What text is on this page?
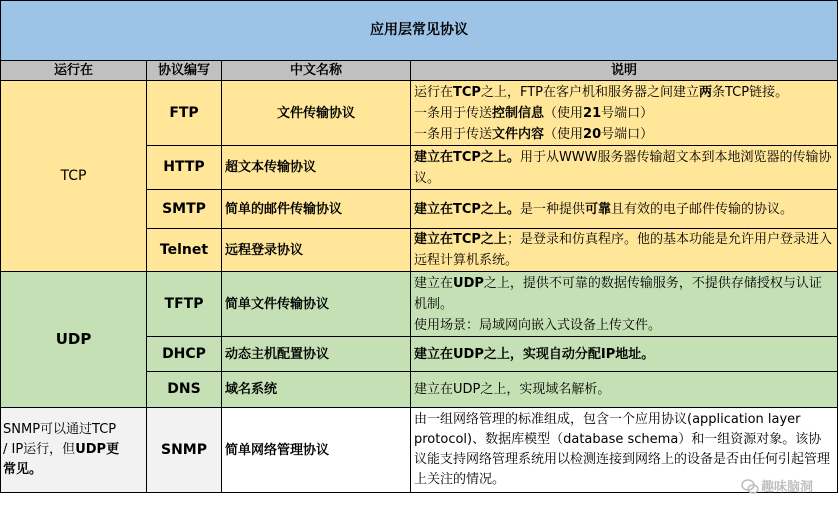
应用层常见协议			
运行在	协议编写	中文名称	说明
TCP	FTP	文件传输协议	运行在TCP之上，FTP在客户机和服务器之间建立两条TCP链接。
一条用于传送控制信息（使用21号端口）
一条用于传送文件内容（使用20号端口）

	HTTP	超文本传输协议	建立在TCP之上。用于从WWW服务器传输超文本到本地浏览器的传输协议。
	SMTP	简单的邮件传输协议	建立在TCP之上。是一种提供可靠且有效的电子邮件传输的协议。
	Telnet	远程登录协议	建立在TCP之上；是登录和仿真程序。他的基本功能是允许用户登录进入远程计算机系统。
UDP	TFTP	简单文件传输协议	建立在UDP之上，提供不可靠的数据传输服务，不提供存储授权与认证机制。
使用场景：局域网向嵌入式设备上传文件。

	DHCP	动态主机配置协议	建立在UDP之上，实现自动分配IP地址。
	DNS	域名系统	建立在UDP之上，实现域名解析。
SNMP可以通过TCP
/ IP运行，但UDP更
常见。	SNMP	简单网络管理协议	由一组网络管理的标准组成，包含一个应用协议(application layer protocol)、数据库模型（database schema）和一组资源对象。该协议能支持网络管理系统用以检测连接到网络上的设备是否由任何引起管理上关注的情况。	趣味脑洞
